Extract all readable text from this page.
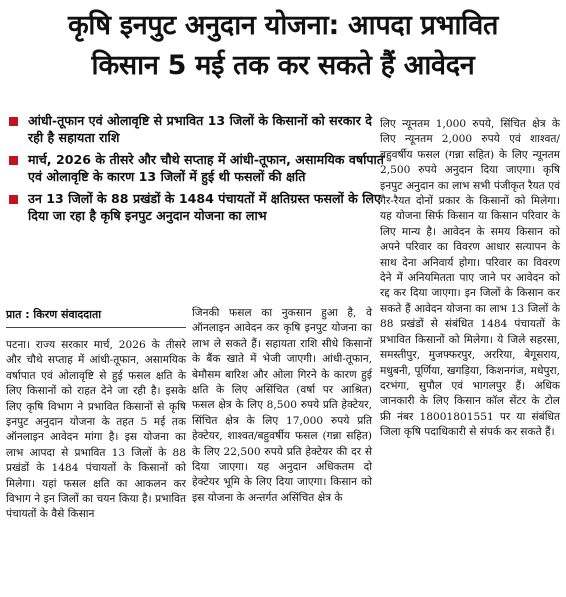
कृषि इनपुट अनुदान योजना: आपदा प्रभावित
किसान 5 मई तक कर सकते हैं आवेदन
आंधी-तूफान एवं ओलावृष्टि से प्रभावित 13 जिलों के किसानों को सरकार दे रही है सहायता राशि
मार्च, 2026 के तीसरे और चौथे सप्ताह में आंधी-तूफान, असामयिक वर्षापात एवं ओलावृष्टि के कारण 13 जिलों में हुई थी फसलों की क्षति
उन 13 जिलों के 88 प्रखंडों के 1484 पंचायतों में क्षतिग्रस्त फसलों के लिए दिया जा रहा है कृषि इनपुट अनुदान योजना का लाभ
प्रात : किरण संवाददाता

पटना। राज्य सरकार मार्च, 2026 के तीसरे और चौथे सप्ताह में आंधी-तूफान, असामयिक वर्षापात एवं ओलावृष्टि से हुई फसल क्षति के लिए किसानों को राहत देने जा रही है। इसके लिए कृषि विभाग ने प्रभावित किसानों से कृषि इनपुट अनुदान योजना के तहत 5 मई तक ऑनलाइन आवेदन मांगा है। इस योजना का लाभ आपदा से प्रभावित 13 जिलों के 88 प्रखंडों के 1484 पंचायतों के किसानों को मिलेगा। यहां फसल क्षति का आकलन कर विभाग ने इन जिलों का चयन किया है। प्रभावित पंचायतों के वैसे किसान

जिनकी फसल का नुकसान हुआ है, वे ऑनलाइन आवेदन कर कृषि इनपुट योजना का लाभ ले सकते हैं। सहायता राशि सीधे किसानों के बैंक खाते में भेजी जाएगी। आंधी-तूफान, बेमौसम बारिश और ओला गिरने के कारण हुई क्षति के लिए असिंचित (वर्षा पर आश्रित) फसल क्षेत्र के लिए 8,500 रुपये प्रति हेक्टेयर, सिंचित क्षेत्र के लिए 17,000 रुपये प्रति हेक्टेयर, शाश्वत/बहुवर्षीय फसल (गन्ना सहित) के लिए 22,500 रुपये प्रति हेक्टेयर की दर से दिया जाएगा। यह अनुदान अधिकतम दो हेक्टेयर भूमि के लिए दिया जाएगा। किसान को इस योजना के अन्तर्गत असिंचित क्षेत्र के

लिए न्यूनतम 1,000 रुपये, सिंचित क्षेत्र के लिए न्यूनतम 2,000 रुपये एवं शाश्वत/बहुवर्षीय फसल (गन्ना सहित) के लिए न्यूनतम 2,500 रुपये अनुदान दिया जाएगा। कृषि इनपुट अनुदान का लाभ सभी पंजीकृत रैयत एवं गैर-रैयत दोनों प्रकार के किसानों को मिलेगा। यह योजना सिर्फ किसान या किसान परिवार के लिए मान्य है। आवेदन के समय किसान को अपने परिवार का विवरण आधार सत्यापन के साथ देना अनिवार्य होगा। परिवार का विवरण देने में अनियमितता पाए जाने पर आवेदन को रद्द कर दिया जाएगा। इन जिलों के किसान कर सकते हैं आवेदन योजना का लाभ 13 जिलों के 88 प्रखंडों से संबंधित 1484 पंचायतों के प्रभावित किसानों को मिलेगा। ये जिले सहरसा, समस्तीपुर, मुजफ्फरपुर, अररिया, बेगूसराय, मधुबनी, पूर्णिया, खगड़िया, किशनगंज, मधेपुरा, दरभंगा, सुपौल एवं भागलपुर हैं। अधिक जानकारी के लिए किसान कॉल सेंटर के टोल फ्री नंबर 18001801551 पर या संबंधित जिला कृषि पदाधिकारी से संपर्क कर सकते हैं।
